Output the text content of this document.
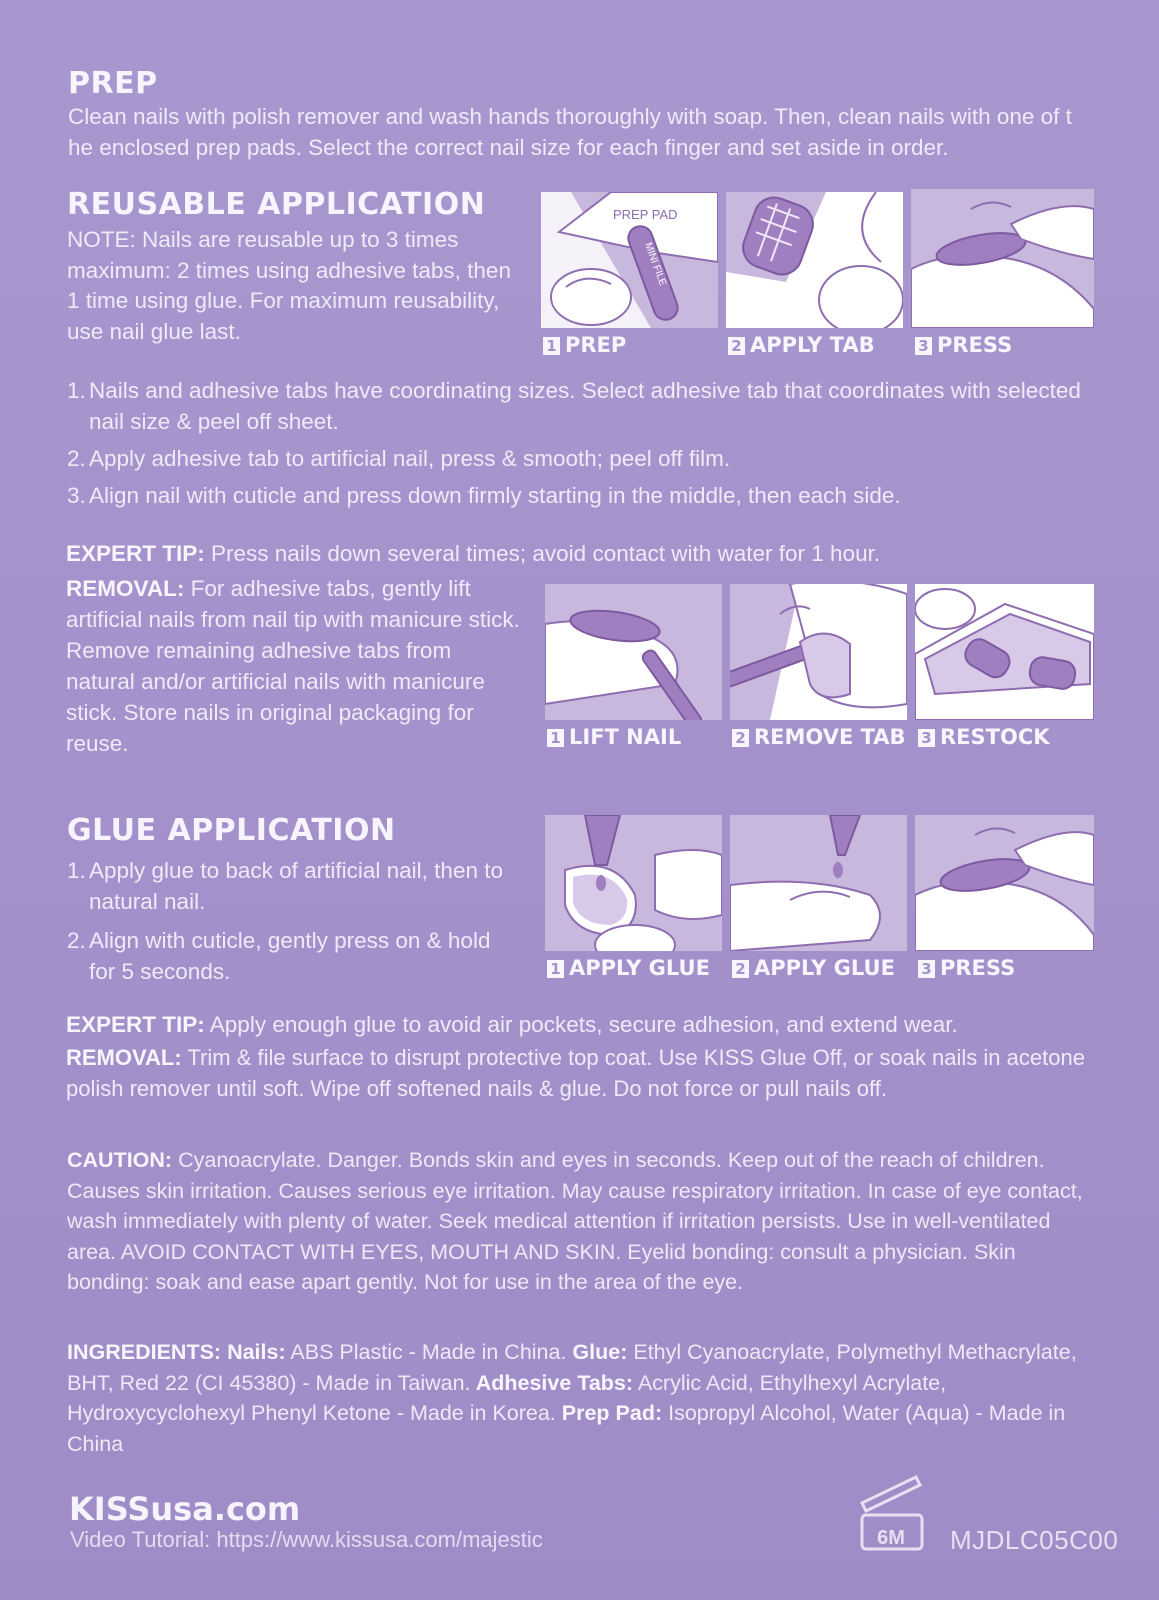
PREP
Clean nails with polish remover and wash hands thoroughly with soap. Then, clean nails with one of t he enclosed prep pads. Select the correct nail size for each finger and set aside in order.
REUSABLE APPLICATION
NOTE: Nails are reusable up to 3 times maximum: 2 times using adhesive tabs, then 1 time using glue. For maximum reusability, use nail glue last.
PREP PAD
MINI FILE
1 PREP	2 APPLY TAB	3 PRESS
1. Nails and adhesive tabs have coordinating sizes. Select adhesive tab that coordinates with selected nail size & peel off sheet.
2. Apply adhesive tab to artificial nail, press & smooth; peel off film.
3. Align nail with cuticle and press down firmly starting in the middle, then each side.
EXPERT TIP: Press nails down several times; avoid contact with water for 1 hour.
REMOVAL: For adhesive tabs, gently lift artificial nails from nail tip with manicure stick. Remove remaining adhesive tabs from natural and/or artificial nails with manicure stick. Store nails in original packaging for reuse.	1 LIFT NAIL	2 REMOVE TAB 3 RESTOCK
GLUE APPLICATION
1. Apply glue to back of artificial nail, then to natural nail.
2. Align with cuticle, gently press on & hold for 5 seconds.	1 APPLY GLUE 2 APPLY GLUE 3 PRESS
EXPERT TIP: Apply enough glue to avoid air pockets, secure adhesion, and extend wear.
REMOVAL: Trim & file surface to disrupt protective top coat. Use KISS Glue Off, or soak nails in acetone polish remover until soft. Wipe off softened nails & glue. Do not force or pull nails off.
CAUTION: Cyanoacrylate. Danger. Bonds skin and eyes in seconds. Keep out of the reach of children. Causes skin irritation. Causes serious eye irritation. May cause respiratory irritation. In case of eye contact, wash immediately with plenty of water. Seek medical attention if irritation persists. Use in well-ventilated area. AVOID CONTACT WITH EYES, MOUTH AND SKIN. Eyelid bonding: consult a physician. Skin bonding: soak and ease apart gently. Not for use in the area of the eye.
INGREDIENTS: Nails: ABS Plastic - Made in China. Glue: Ethyl Cyanoacrylate, Polymethyl Methacrylate, BHT, Red 22 (CI 45380) - Made in Taiwan. Adhesive Tabs: Acrylic Acid, Ethylhexyl Acrylate, Hydroxycyclohexyl Phenyl Ketone - Made in Korea. Prep Pad: Isopropyl Alcohol, Water (Aqua) - Made in China
KISSusa.com
Video Tutorial: https://www.kissusa.com/majestic	6M	MJDLC05C00
